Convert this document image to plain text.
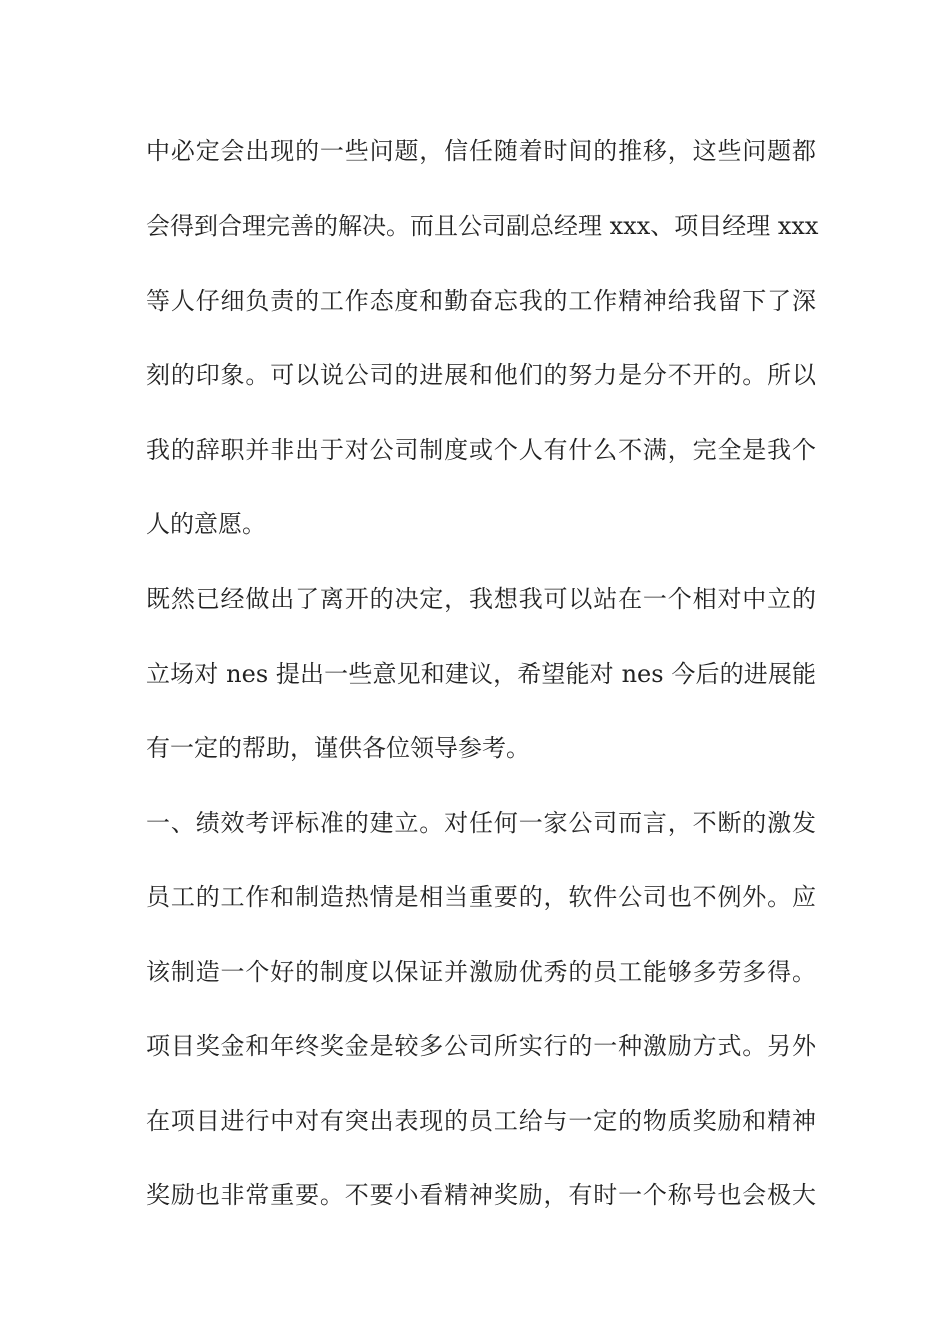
中必定会出现的一些问题，信任随着时间的推移，这些问题都
会得到合理完善的解决。而且公司副总经理 xxx、项目经理 xxx
等人仔细负责的工作态度和勤奋忘我的工作精神给我留下了深
刻的印象。可以说公司的进展和他们的努力是分不开的。所以
我的辞职并非出于对公司制度或个人有什么不满，完全是我个
人的意愿。
既然已经做出了离开的决定，我想我可以站在一个相对中立的
立场对 nes 提出一些意见和建议，希望能对 nes 今后的进展能
有一定的帮助，谨供各位领导参考。
一、绩效考评标准的建立。对任何一家公司而言，不断的激发
员工的工作和制造热情是相当重要的，软件公司也不例外。应
该制造一个好的制度以保证并激励优秀的员工能够多劳多得。
项目奖金和年终奖金是较多公司所实行的一种激励方式。另外
在项目进行中对有突出表现的员工给与一定的物质奖励和精神
奖励也非常重要。不要小看精神奖励，有时一个称号也会极大
